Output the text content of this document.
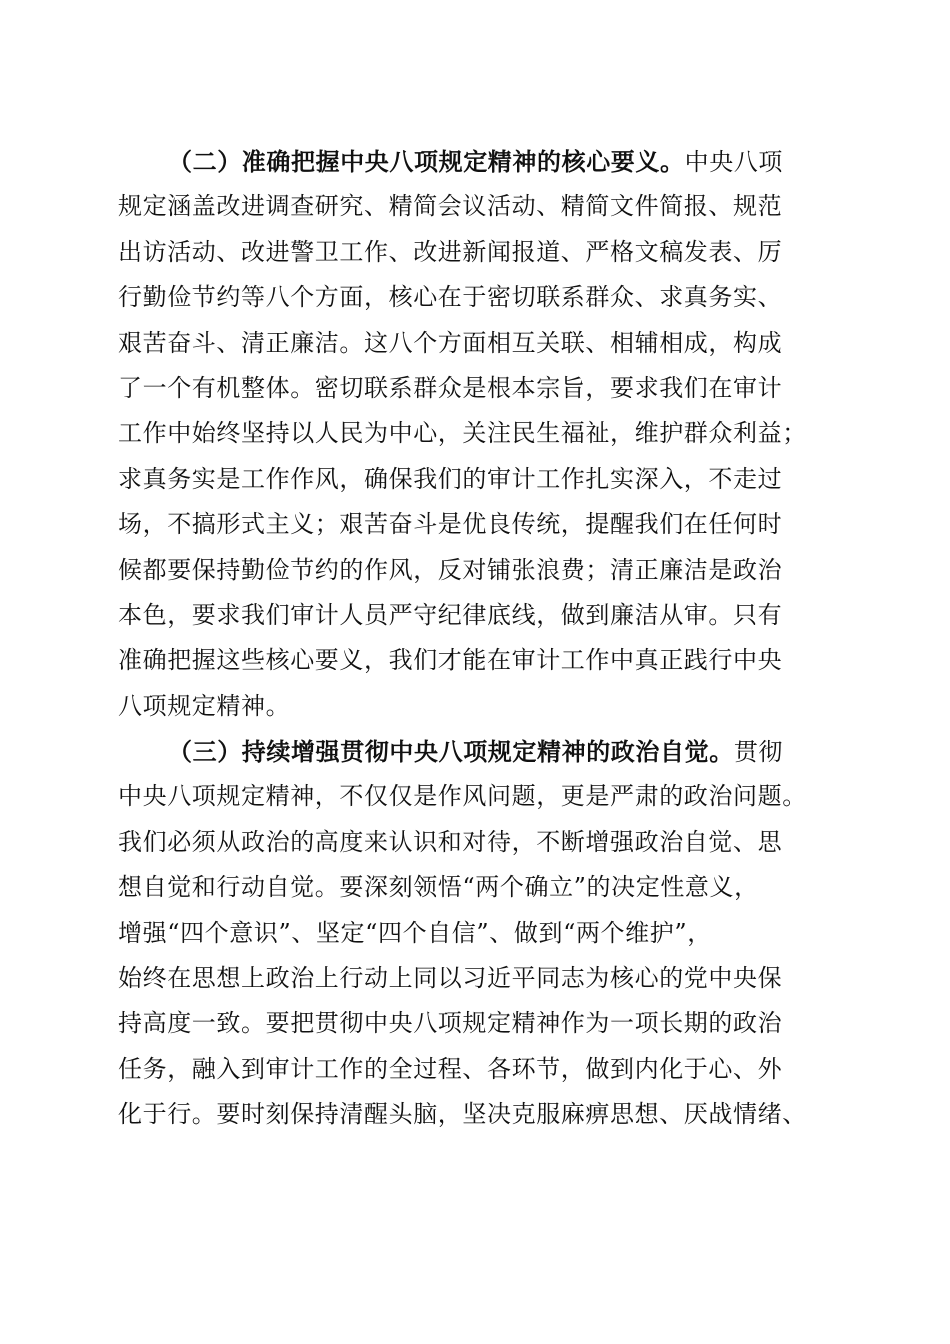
（二）准确把握中央八项规定精神的核心要义。中央八项
规定涵盖改进调查研究、精简会议活动、精简文件简报、规范
出访活动、改进警卫工作、改进新闻报道、严格文稿发表、厉
行勤俭节约等八个方面，核心在于密切联系群众、求真务实、
艰苦奋斗、清正廉洁。这八个方面相互关联、相辅相成，构成
了一个有机整体。密切联系群众是根本宗旨，要求我们在审计
工作中始终坚持以人民为中心，关注民生福祉，维护群众利益；
求真务实是工作作风，确保我们的审计工作扎实深入，不走过
场，不搞形式主义；艰苦奋斗是优良传统，提醒我们在任何时
候都要保持勤俭节约的作风，反对铺张浪费；清正廉洁是政治
本色，要求我们审计人员严守纪律底线，做到廉洁从审。只有
准确把握这些核心要义，我们才能在审计工作中真正践行中央
八项规定精神。
（三）持续增强贯彻中央八项规定精神的政治自觉。贯彻
中央八项规定精神，不仅仅是作风问题，更是严肃的政治问题。
我们必须从政治的高度来认识和对待，不断增强政治自觉、思
想自觉和行动自觉。要深刻领悟“两个确立”的决定性意义，
增强“四个意识”、坚定“四个自信”、做到“两个维护”，
始终在思想上政治上行动上同以习近平同志为核心的党中央保
持高度一致。要把贯彻中央八项规定精神作为一项长期的政治
任务，融入到审计工作的全过程、各环节，做到内化于心、外
化于行。要时刻保持清醒头脑，坚决克服麻痹思想、厌战情绪、
